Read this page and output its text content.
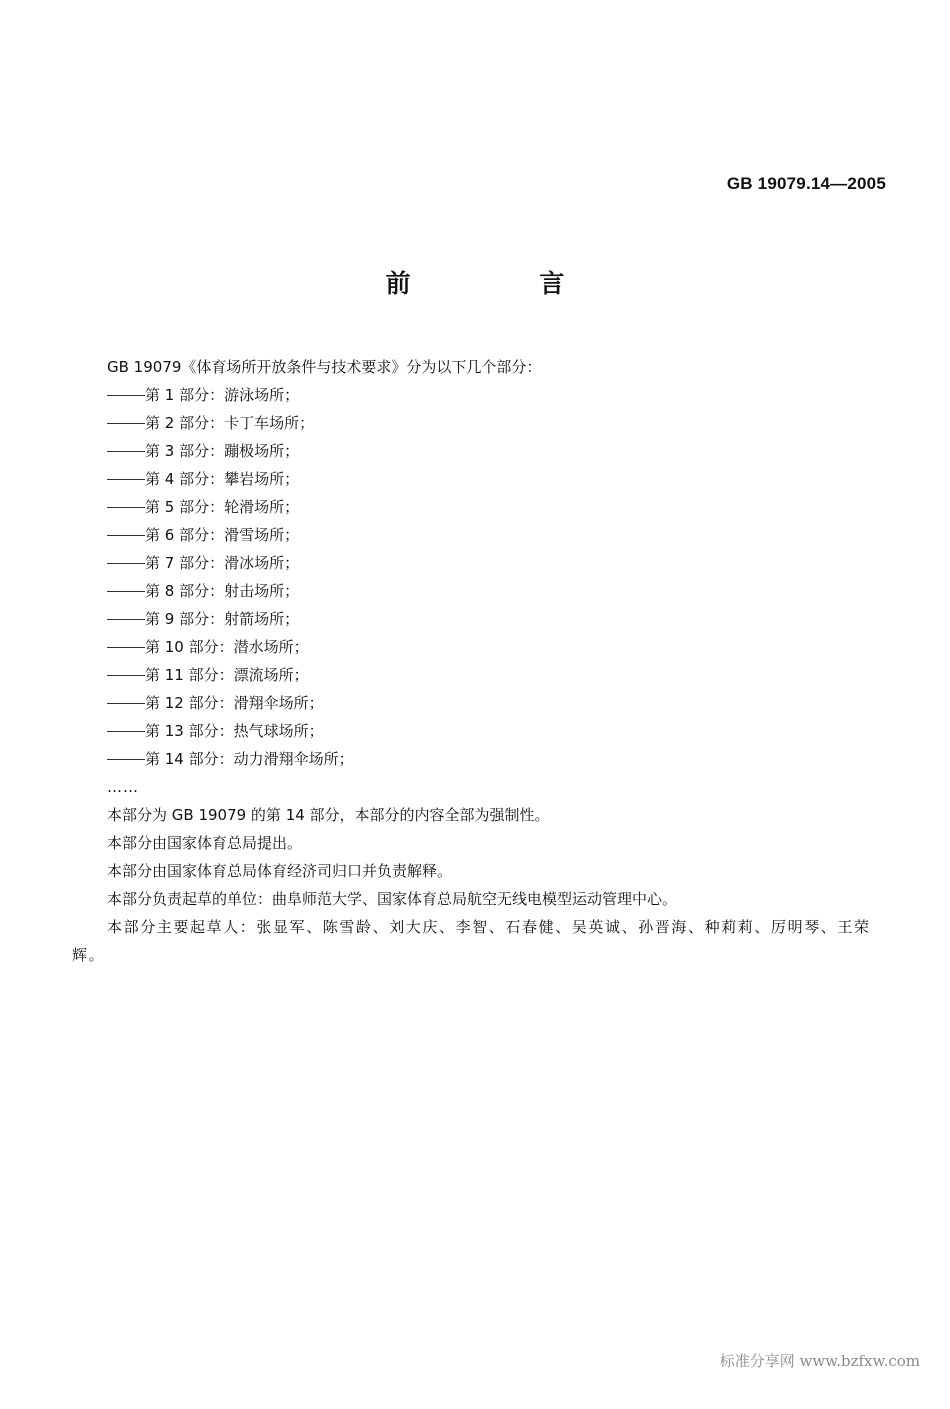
GB 19079.14—2005
前 言

GB 19079《体育场所开放条件与技术要求》分为以下几个部分：

第 1 部分：游泳场所；

第 2 部分：卡丁车场所；

第 3 部分：蹦极场所；

第 4 部分：攀岩场所；

第 5 部分：轮滑场所；

第 6 部分：滑雪场所；

第 7 部分：滑冰场所；

第 8 部分：射击场所；

第 9 部分：射箭场所；

第 10 部分：潜水场所；

第 11 部分：漂流场所；

第 12 部分：滑翔伞场所；

第 13 部分：热气球场所；

第 14 部分：动力滑翔伞场所；

……

本部分为 GB 19079 的第 14 部分，本部分的内容全部为强制性。

本部分由国家体育总局提出。

本部分由国家体育总局体育经济司归口并负责解释。

本部分负责起草的单位：曲阜师范大学、国家体育总局航空无线电模型运动管理中心。

本部分主要起草人：张显军、陈雪龄、刘大庆、李智、石春健、吴英诚、孙晋海、种莉莉、厉明琴、王荣辉。

标准分享网 www.bzfxw.com
